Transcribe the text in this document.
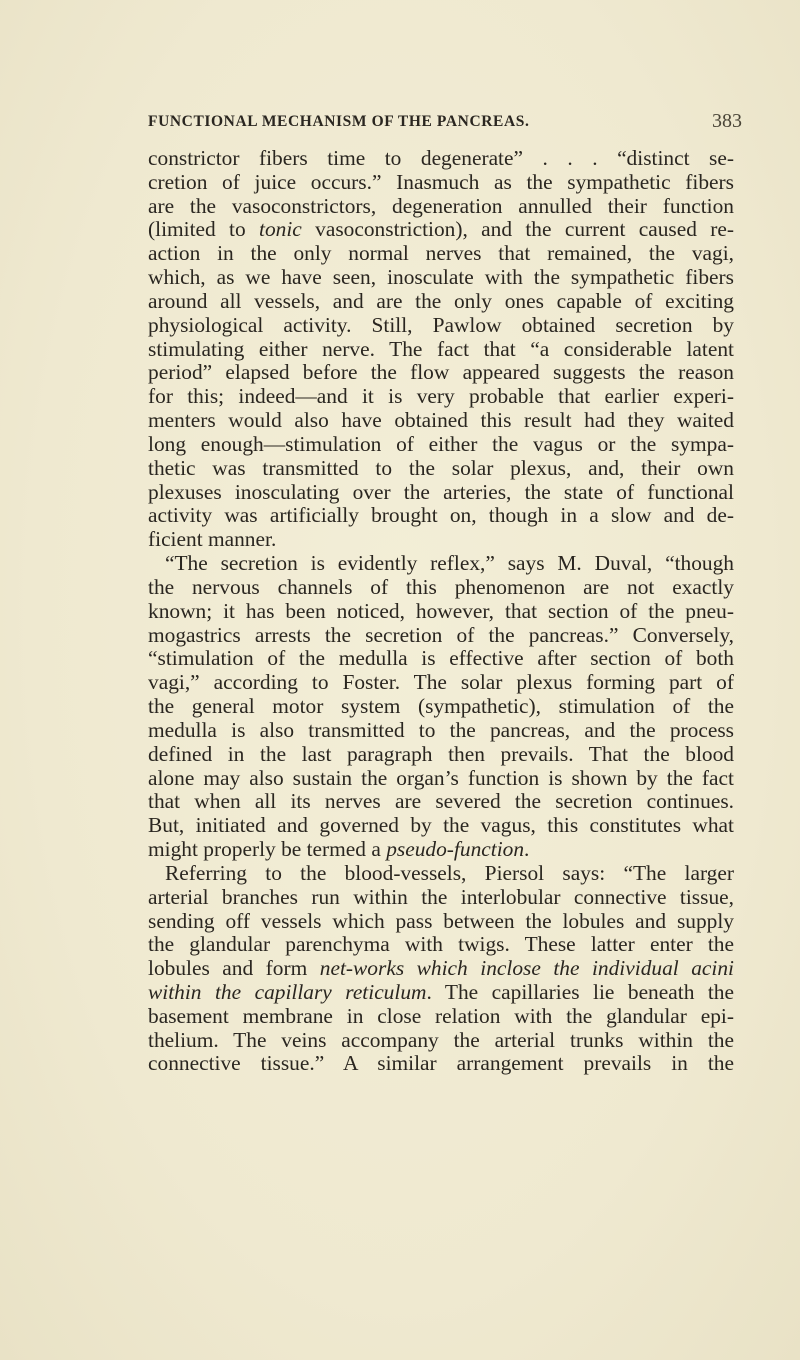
FUNCTIONAL MECHANISM OF THE PANCREAS.	383
constrictor fibers time to degenerate” . . . “distinct se-
cretion of juice occurs.” Inasmuch as the sympathetic fibers
are the vasoconstrictors, degeneration annulled their function
(limited to tonic vasoconstriction), and the current caused re-
action in the only normal nerves that remained, the vagi,
which, as we have seen, inosculate with the sympathetic fibers
around all vessels, and are the only ones capable of exciting
physiological activity. Still, Pawlow obtained secretion by
stimulating either nerve. The fact that “a considerable latent
period” elapsed before the flow appeared suggests the reason
for this; indeed—and it is very probable that earlier experi-
menters would also have obtained this result had they waited
long enough—stimulation of either the vagus or the sympa-
thetic was transmitted to the solar plexus, and, their own
plexuses inosculating over the arteries, the state of functional
activity was artificially brought on, though in a slow and de-
ficient manner.
“The secretion is evidently reflex,” says M. Duval, “though
the nervous channels of this phenomenon are not exactly
known; it has been noticed, however, that section of the pneu-
mogastrics arrests the secretion of the pancreas.” Conversely,
“stimulation of the medulla is effective after section of both
vagi,” according to Foster. The solar plexus forming part of
the general motor system (sympathetic), stimulation of the
medulla is also transmitted to the pancreas, and the process
defined in the last paragraph then prevails. That the blood
alone may also sustain the organ’s function is shown by the fact
that when all its nerves are severed the secretion continues.
But, initiated and governed by the vagus, this constitutes what
might properly be termed a pseudo-function.
Referring to the blood-vessels, Piersol says: “The larger
arterial branches run within the interlobular connective tissue,
sending off vessels which pass between the lobules and supply
the glandular parenchyma with twigs. These latter enter the
lobules and form net-works which inclose the individual acini
within the capillary reticulum. The capillaries lie beneath the
basement membrane in close relation with the glandular epi-
thelium. The veins accompany the arterial trunks within the
connective tissue.” A similar arrangement prevails in the
